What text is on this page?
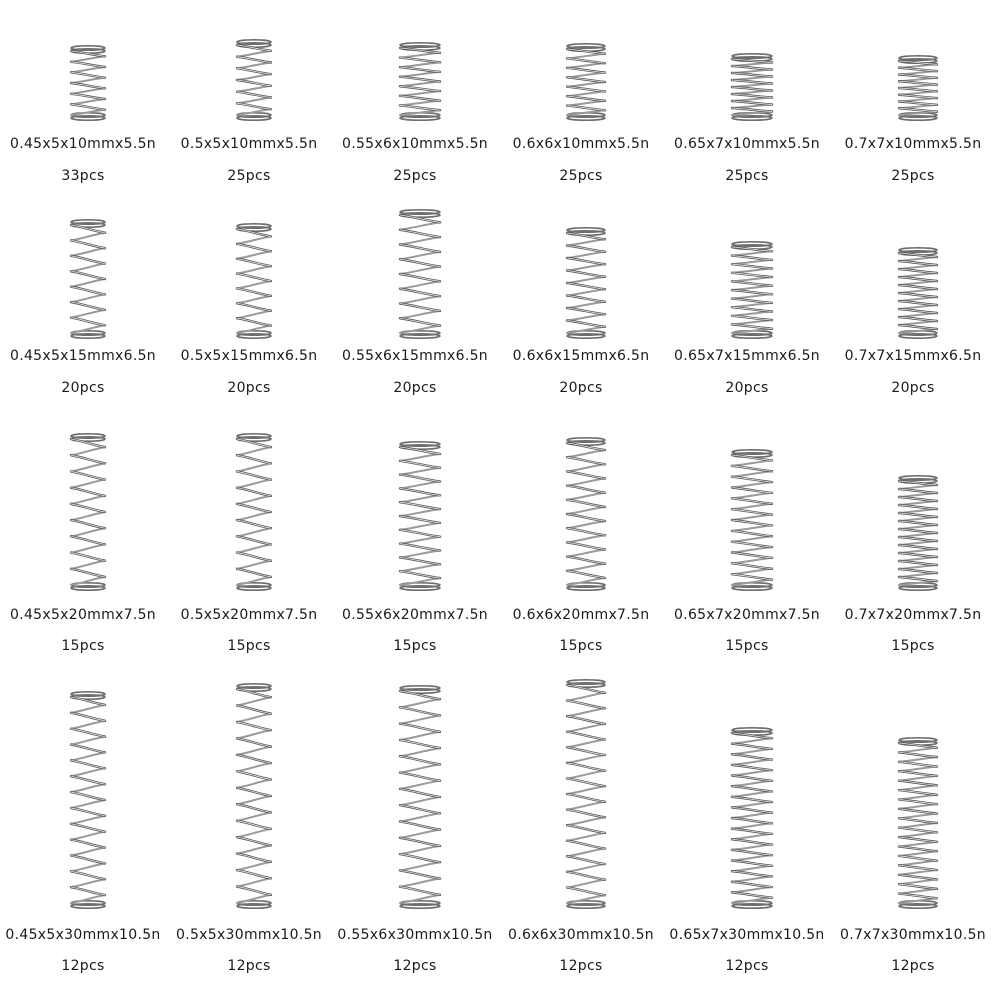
0.45x5x10mmx5.5n
33pcs
0.5x5x10mmx5.5n
25pcs
0.55x6x10mmx5.5n
25pcs
0.6x6x10mmx5.5n
25pcs
0.65x7x10mmx5.5n
25pcs
0.7x7x10mmx5.5n
25pcs
0.45x5x15mmx6.5n
20pcs
0.5x5x15mmx6.5n
20pcs
0.55x6x15mmx6.5n
20pcs
0.6x6x15mmx6.5n
20pcs
0.65x7x15mmx6.5n
20pcs
0.7x7x15mmx6.5n
20pcs
0.45x5x20mmx7.5n
15pcs
0.5x5x20mmx7.5n
15pcs
0.55x6x20mmx7.5n
15pcs
0.6x6x20mmx7.5n
15pcs
0.65x7x20mmx7.5n
15pcs
0.7x7x20mmx7.5n
15pcs
0.45x5x30mmx10.5n
12pcs
0.5x5x30mmx10.5n
12pcs
0.55x6x30mmx10.5n
12pcs
0.6x6x30mmx10.5n
12pcs
0.65x7x30mmx10.5n
12pcs
0.7x7x30mmx10.5n
12pcs
